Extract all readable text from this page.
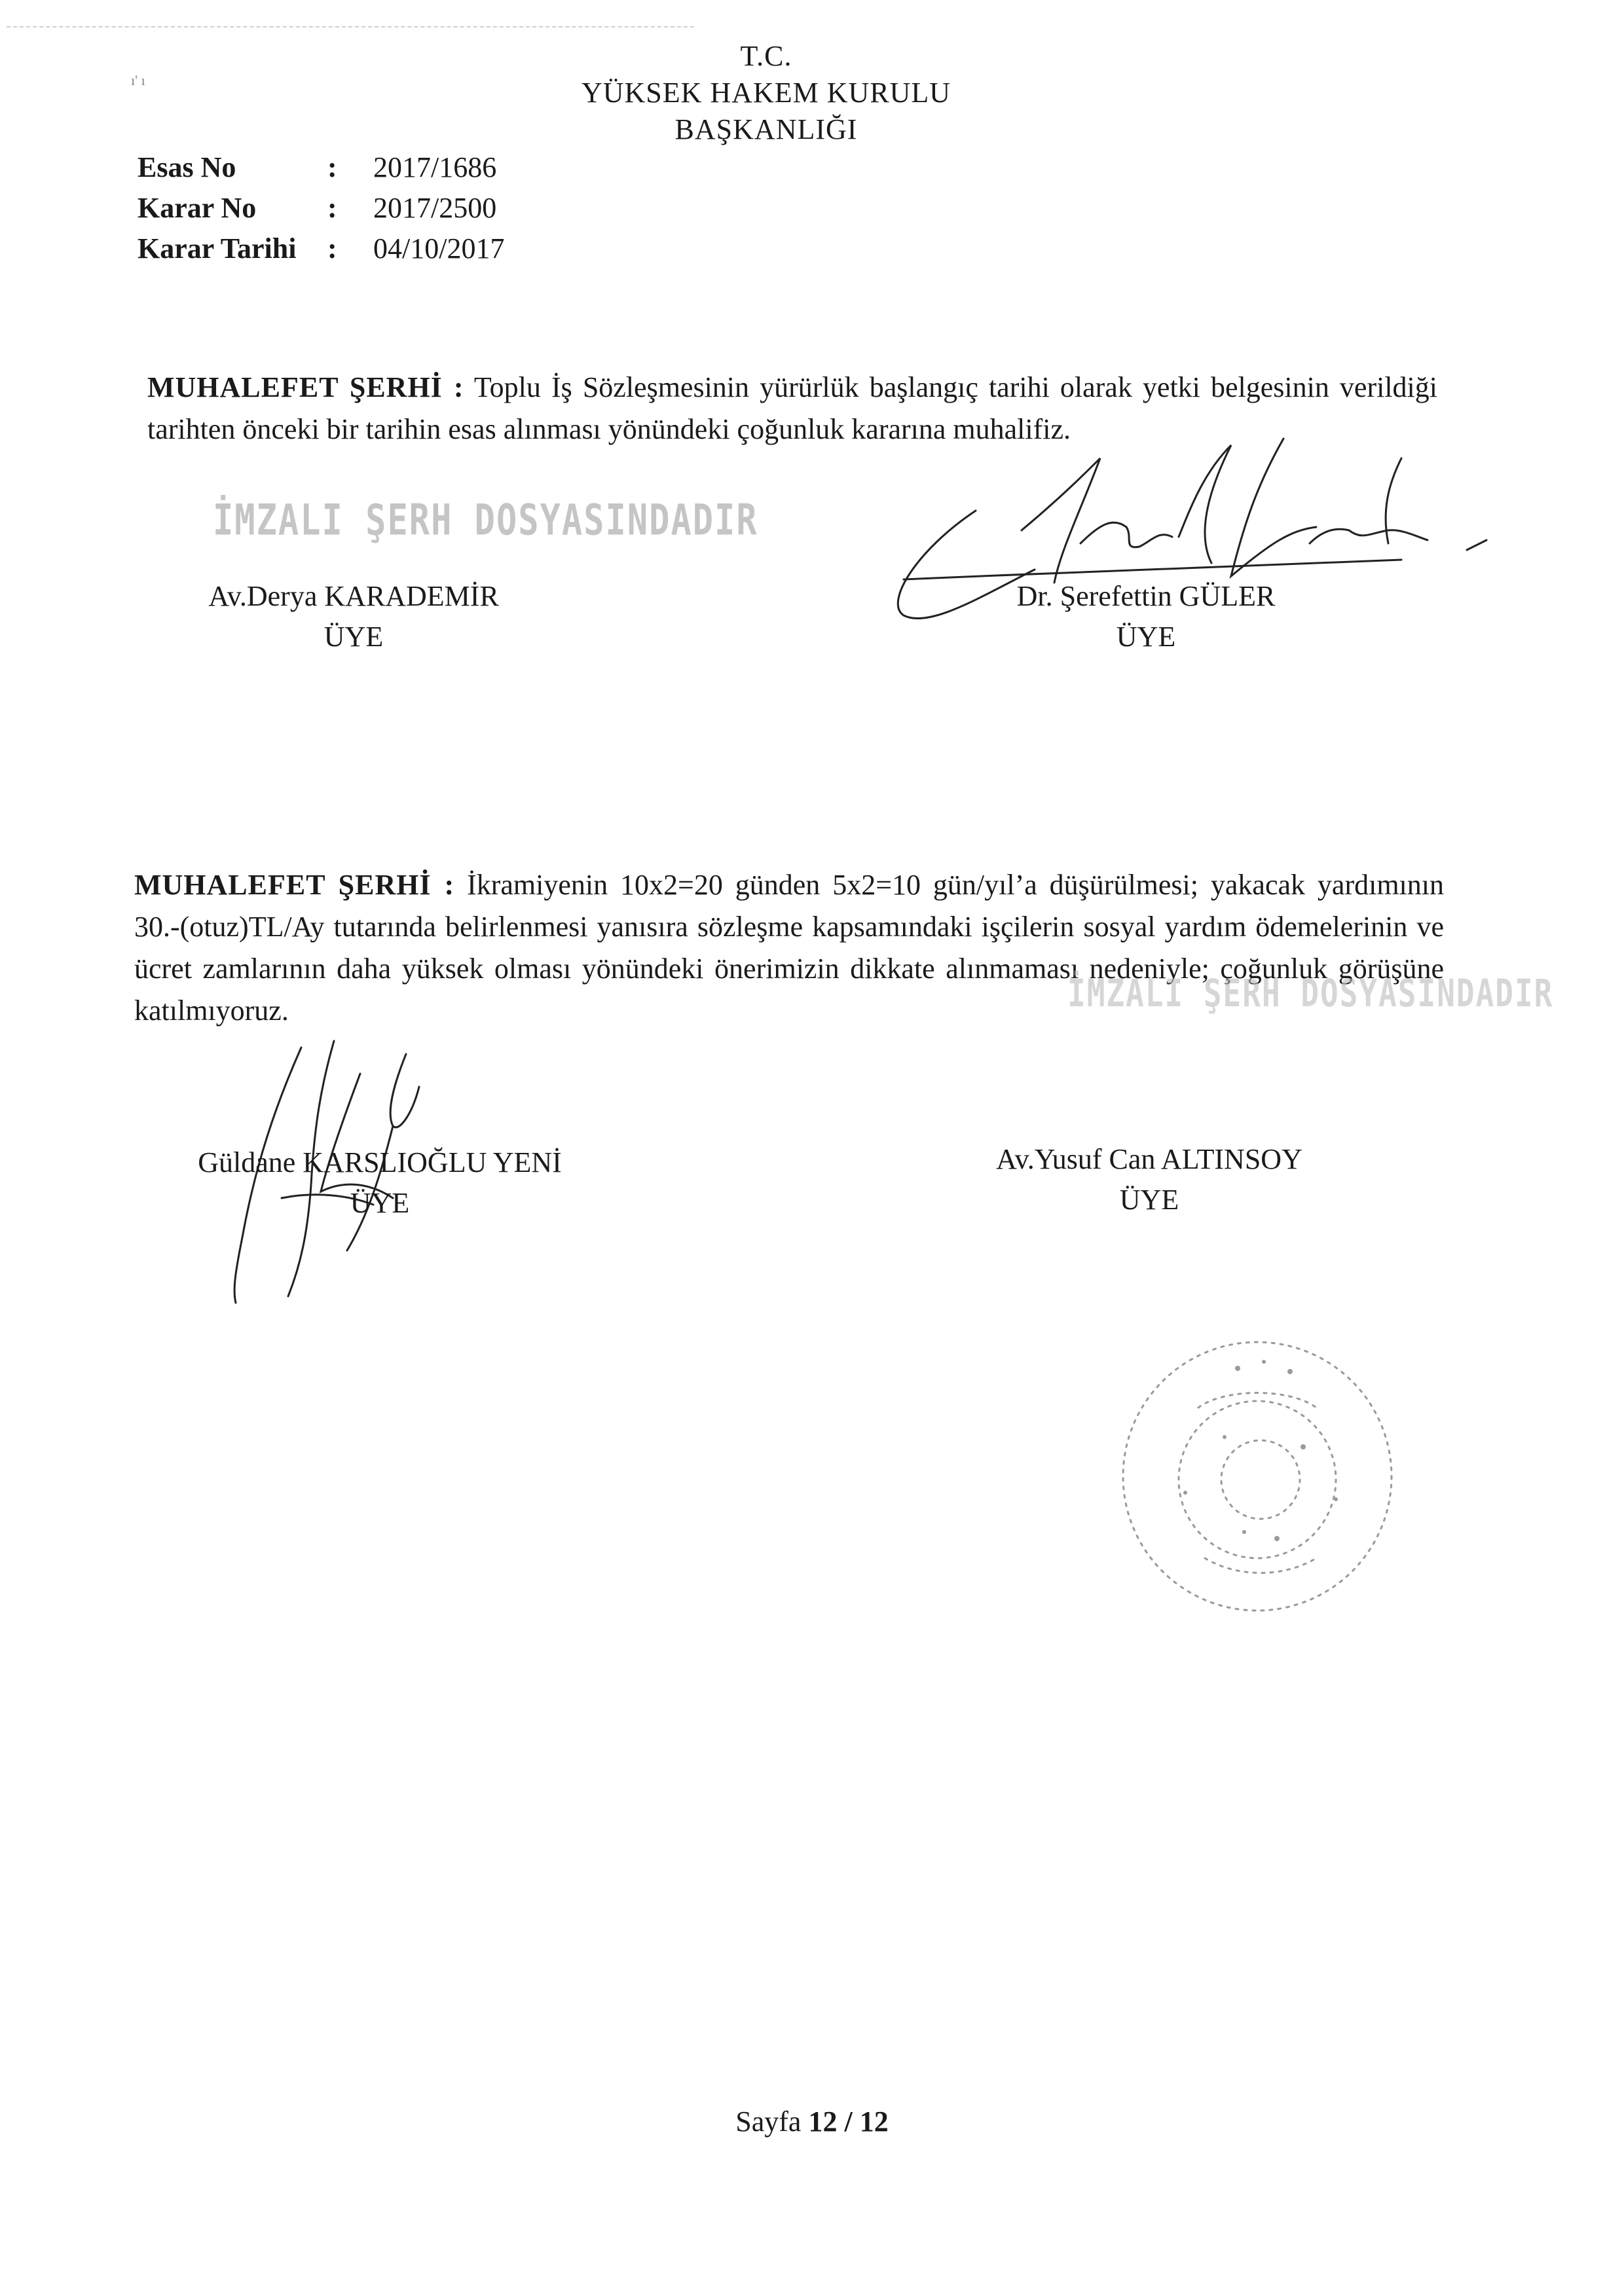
ı' ı
T.C.
YÜKSEK HAKEM KURULU
BAŞKANLIĞI
Esas No	:	2017/1686
Karar No	:	2017/2500
Karar Tarihi	:	04/10/2017
MUHALEFET ŞERHİ : Toplu İş Sözleşmesinin yürürlük başlangıç tarihi olarak yetki belgesinin verildiği tarihten önceki bir tarihin esas alınması yönündeki çoğunluk kararına muhalifiz.
İMZALI ŞERH DOSYASINDADIR
Av.Derya KARADEMİR
ÜYE
Dr. Şerefettin GÜLER
ÜYE
MUHALEFET ŞERHİ : İkramiyenin 10x2=20 günden 5x2=10 gün/yıl’a düşürülmesi; yakacak yardımının 30.-(otuz)TL/Ay tutarında belirlenmesi yanısıra sözleşme kapsamındaki işçilerin sosyal yardım ödemelerinin ve ücret zamlarının daha yüksek olması yönündeki önerimizin dikkate alınmaması nedeniyle; çoğunluk görüşüne katılmıyoruz.	İMZALI ŞERH DOSYASINDADIR
Güldane KARSLIOĞLU YENİ
ÜYE
Av.Yusuf Can ALTINSOY
ÜYE
Sayfa 12 / 12
